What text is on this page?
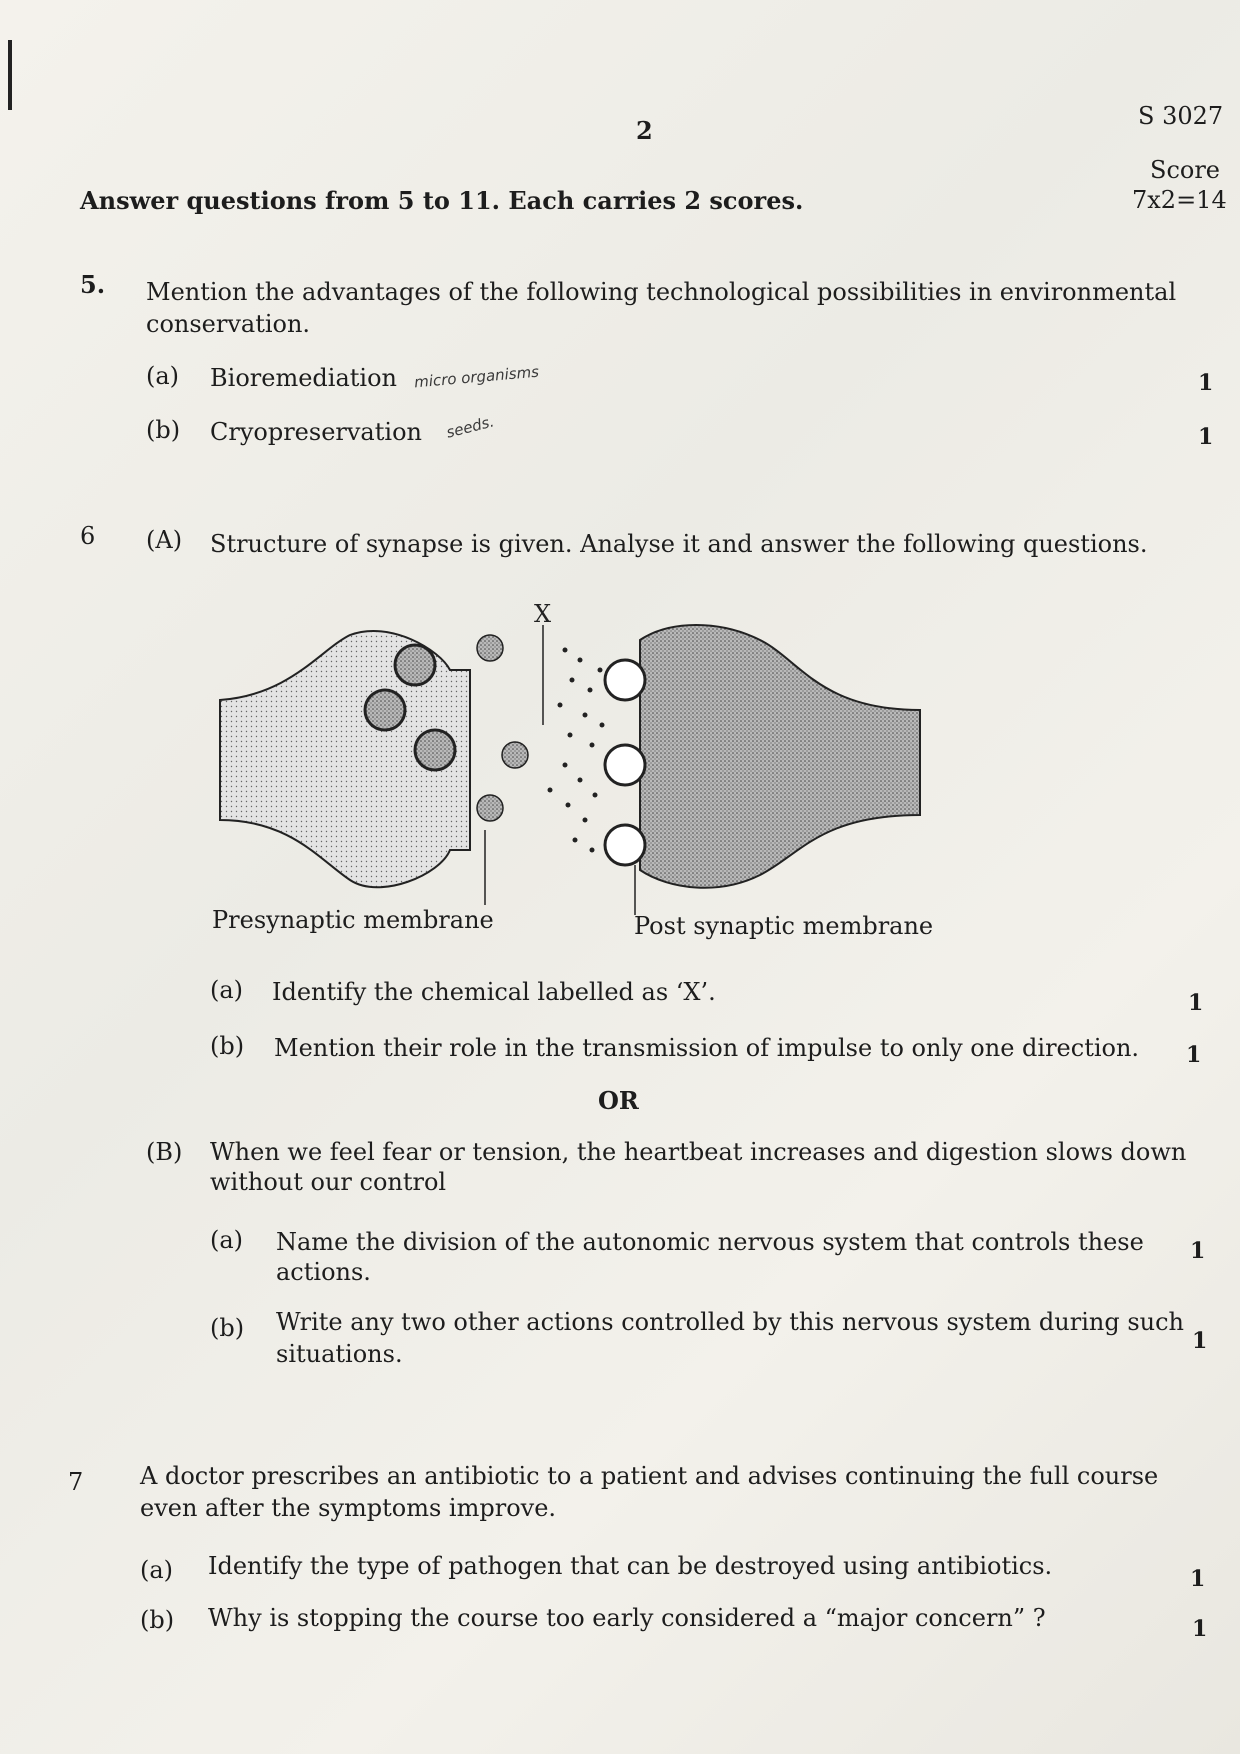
2	S 3027
Score
7x2=14
Answer questions from 5 to 11. Each carries 2 scores.
5. Mention the advantages of the following technological possibilities in environmental
conservation.
(a) Bioremediation micro organisms	1
(b) Cryopreservation seeds.	1
6 (A) Structure of synapse is given. Analyse it and answer the following questions.
X
Presynaptic membrane	Post synaptic membrane
(a) Identify the chemical labelled as ‘X’.	1
(b) Mention their role in the transmission of impulse to only one direction. 1
OR
(B) When we feel fear or tension, the heartbeat increases and digestion slows down
without our control
(a) Name the division of the autonomic nervous system that controls these
actions.
1
(b) Write any two other actions controlled by this nervous system during such
situations.	1
7 A doctor prescribes an antibiotic to a patient and advises continuing the full course
even after the symptoms improve.
(a) Identify the type of pathogen that can be destroyed using antibiotics.	1
(b) Why is stopping the course too early considered a “major concern” ?	1
